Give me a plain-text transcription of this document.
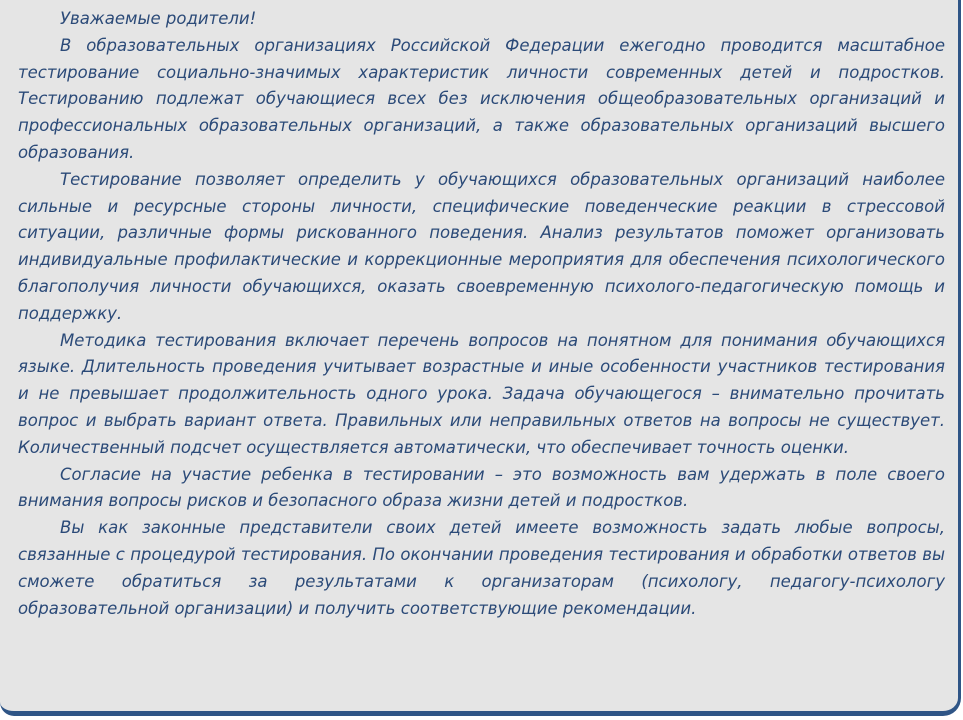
Уважаемые родители!

В образовательных организациях Российской Федерации ежегодно проводится масштабное тестирование социально-значимых характеристик личности современных детей и подростков. Тестированию подлежат обучающиеся всех без исключения общеобразовательных организаций и профессиональных образовательных организаций, а также образовательных организаций высшего образования.

Тестирование позволяет определить у обучающихся образовательных организаций наиболее сильные и ресурсные стороны личности, специфические поведенческие реакции в стрессовой ситуации, различные формы рискованного поведения. Анализ результатов поможет организовать индивидуальные профилактические и коррекционные мероприятия для обеспечения психологического благополучия личности обучающихся, оказать своевременную психолого-педагогическую помощь и поддержку.

Методика тестирования включает перечень вопросов на понятном для понимания обучающихся языке. Длительность проведения учитывает возрастные и иные особенности участников тестирования и не превышает продолжительность одного урока. Задача обучающегося – внимательно прочитать вопрос и выбрать вариант ответа. Правильных или неправильных ответов на вопросы не существует. Количественный подсчет осуществляется автоматически, что обеспечивает точность оценки.

Согласие на участие ребенка в тестировании – это возможность вам удержать в поле своего внимания вопросы рисков и безопасного образа жизни детей и подростков.

Вы как законные представители своих детей имеете возможность задать любые вопросы, связанные с процедурой тестирования. По окончании проведения тестирования и обработки ответов вы сможете обратиться за результатами к организаторам (психологу, педагогу-психологу образовательной организации) и получить соответствующие рекомендации.
